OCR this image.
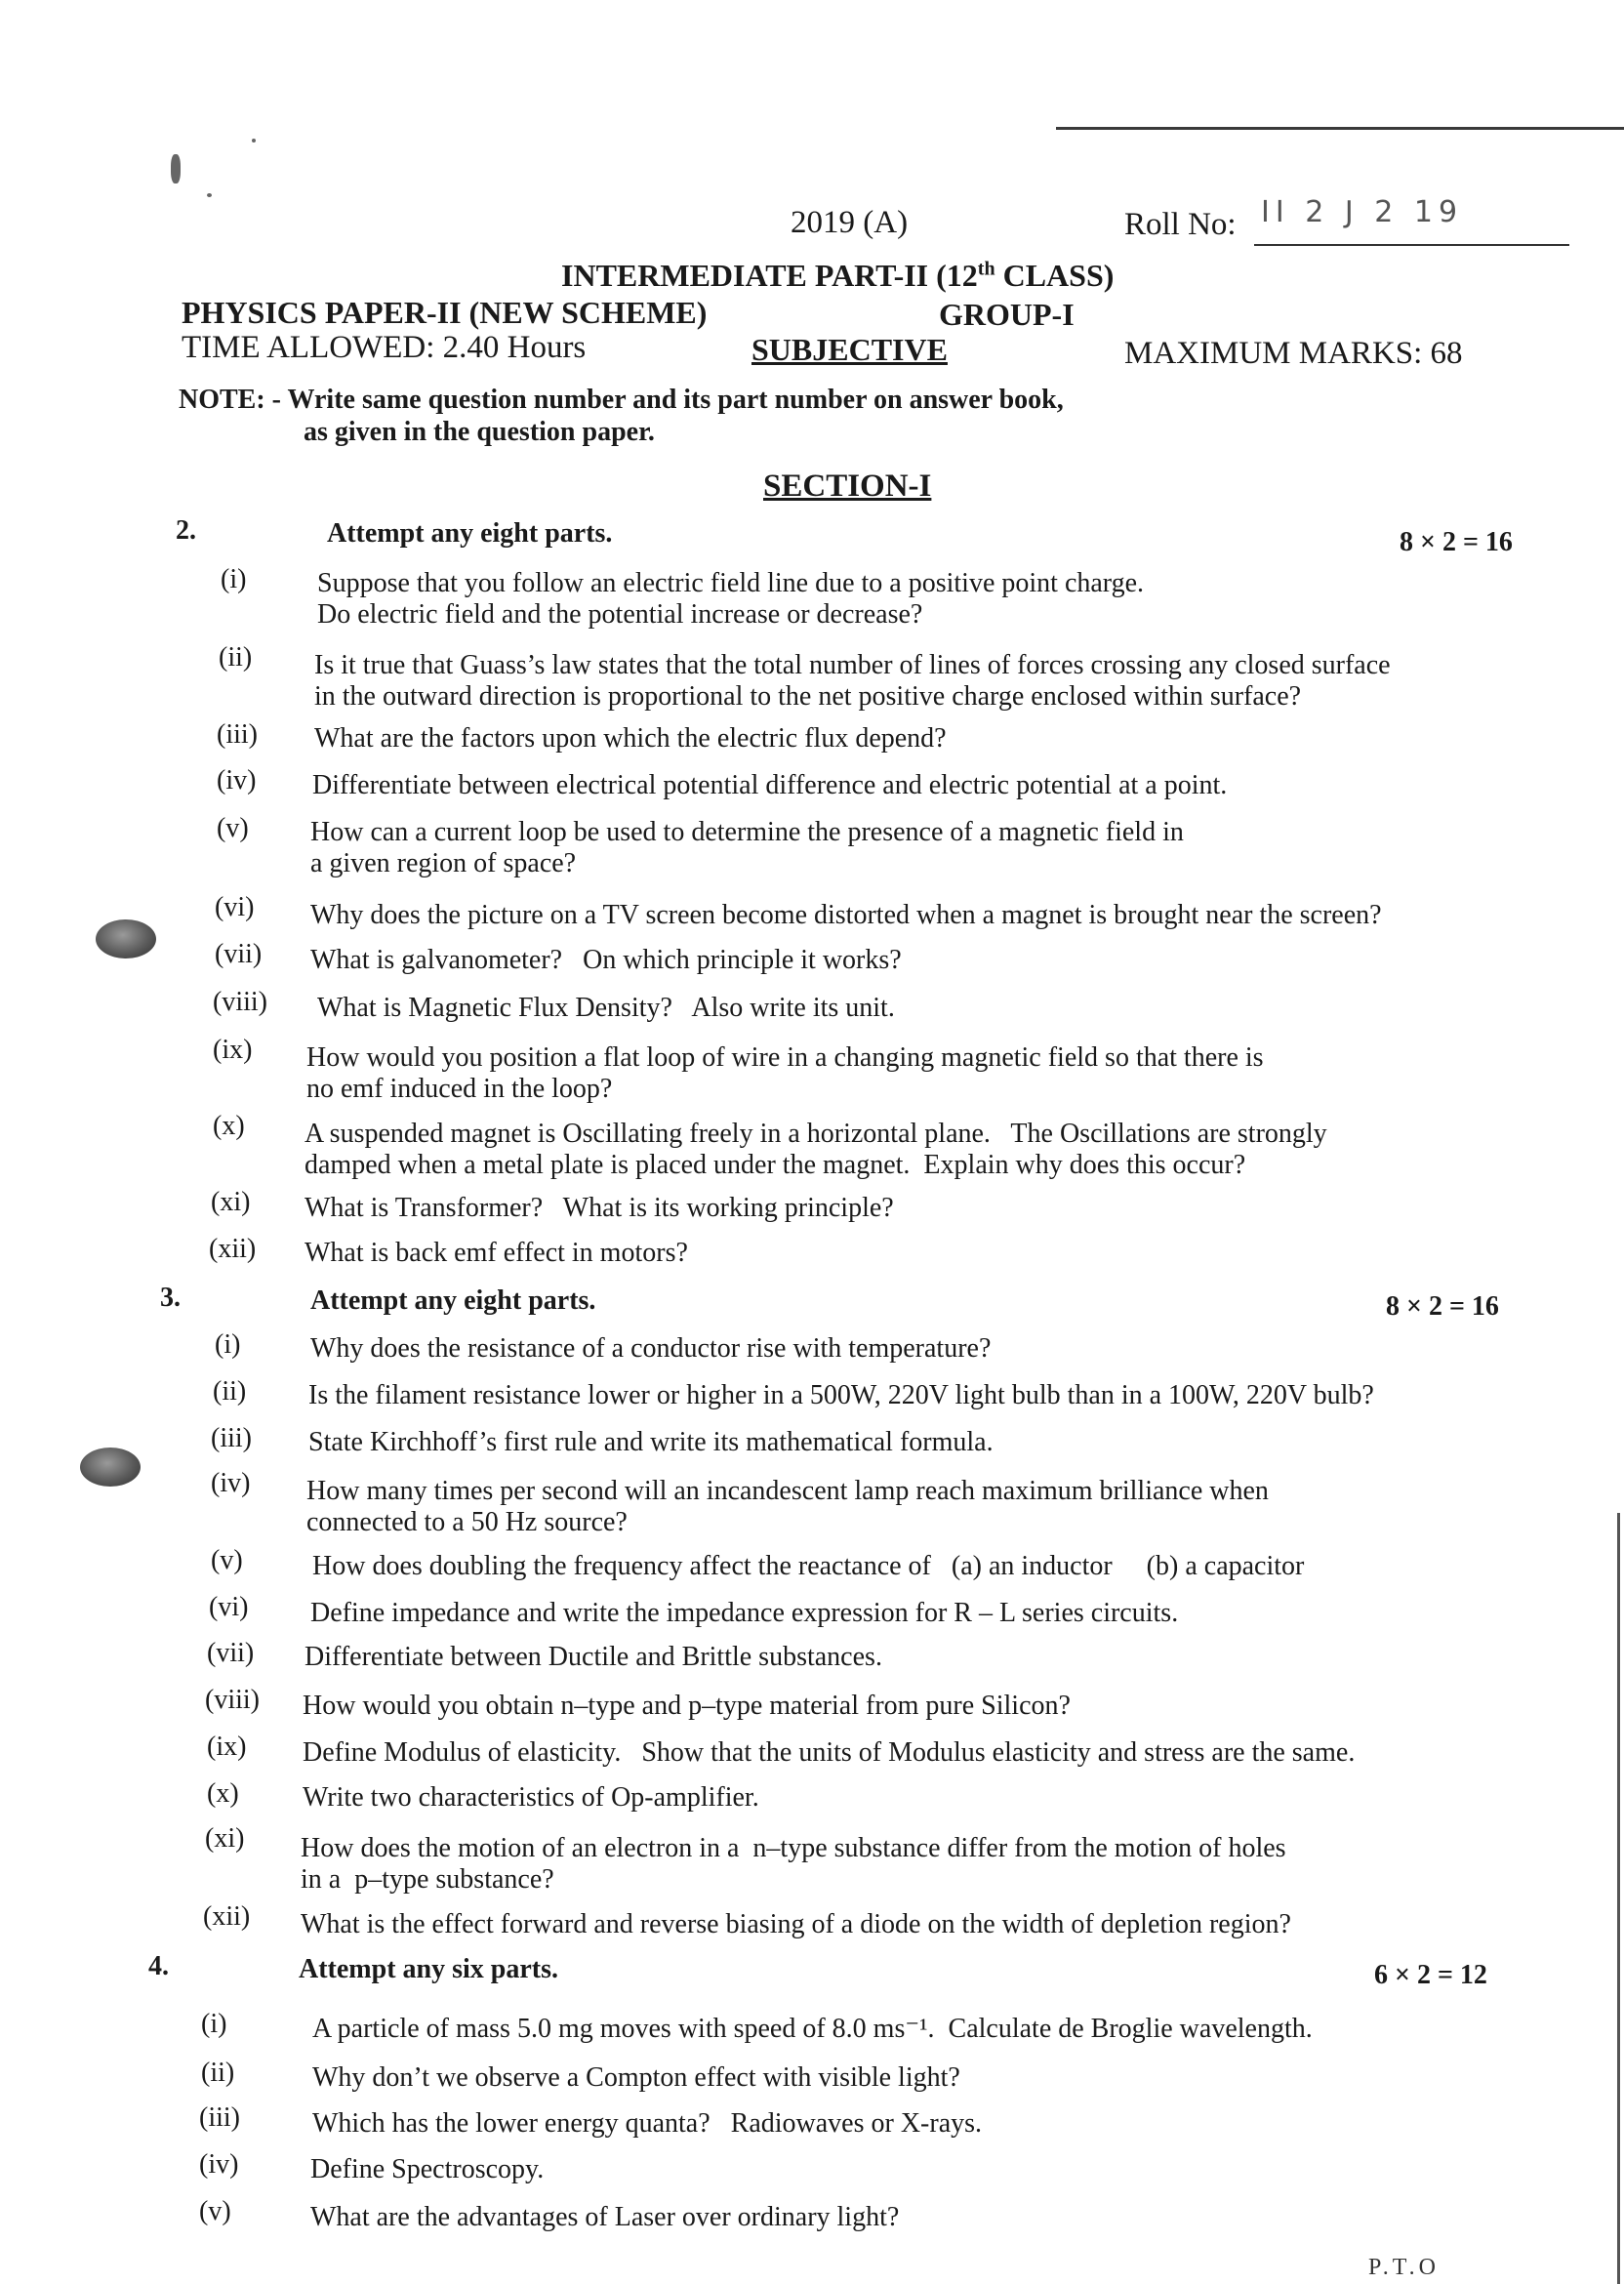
2019 (A)	Roll No: II 2 J 2 19
INTERMEDIATE PART-II (12th CLASS)
PHYSICS PAPER-II (NEW SCHEME)	GROUP-I
TIME ALLOWED: 2.40 Hours	SUBJECTIVE	MAXIMUM MARKS: 68
NOTE: - Write same question number and its part number on answer book,
as given in the question paper.
SECTION-I
2.	Attempt any eight parts.	8 × 2 = 16
(i)	Suppose that you follow an electric field line due to a positive point charge.
Do electric field and the potential increase or decrease?
(ii) Is it true that Guass’s law states that the total number of lines of forces crossing any closed surface
in the outward direction is proportional to the net positive charge enclosed within surface?
(iii) What are the factors upon which the electric flux depend?
(iv) Differentiate between electrical potential difference and electric potential at a point.
(v) How can a current loop be used to determine the presence of a magnetic field in
a given region of space?
(vi) Why does the picture on a TV screen become distorted when a magnet is brought near the screen?
(vii) What is galvanometer?   On which principle it works?
(viii) What is Magnetic Flux Density?   Also write its unit.
(ix) How would you position a flat loop of wire in a changing magnetic field so that there is
no emf induced in the loop?
(x) A suspended magnet is Oscillating freely in a horizontal plane.   The Oscillations are strongly
damped when a metal plate is placed under the magnet.  Explain why does this occur?
(xi) What is Transformer?   What is its working principle?
(xii) What is back emf effect in motors?
3.	Attempt any eight parts.	8 × 2 = 16
(i)	Why does the resistance of a conductor rise with temperature?
(ii) Is the filament resistance lower or higher in a 500W, 220V light bulb than in a 100W, 220V bulb?
(iii) State Kirchhoff’s first rule and write its mathematical formula.
(iv) How many times per second will an incandescent lamp reach maximum brilliance when
connected to a 50 Hz source?
(v)	How does doubling the frequency affect the reactance of   (a) an inductor     (b) a capacitor
(vi) Define impedance and write the impedance expression for R – L series circuits.
(vii) Differentiate between Ductile and Brittle substances.
(viii) How would you obtain n–type and p–type material from pure Silicon?
(ix) Define Modulus of elasticity.   Show that the units of Modulus elasticity and stress are the same.
(x) Write two characteristics of Op-amplifier.
(xi) How does the motion of an electron in a  n–type substance differ from the motion of holes
in a  p–type substance?
(xii) What is the effect forward and reverse biasing of a diode on the width of depletion region?
4.	Attempt any six parts.	6 × 2 = 12
(i)	A particle of mass 5.0 mg moves with speed of 8.0 ms⁻¹.  Calculate de Broglie wavelength.
(ii)	Why don’t we observe a Compton effect with visible light?
(iii)	Which has the lower energy quanta?   Radiowaves or X-rays.
(iv)	Define Spectroscopy.
(v)	What are the advantages of Laser over ordinary light?
P.T.O
